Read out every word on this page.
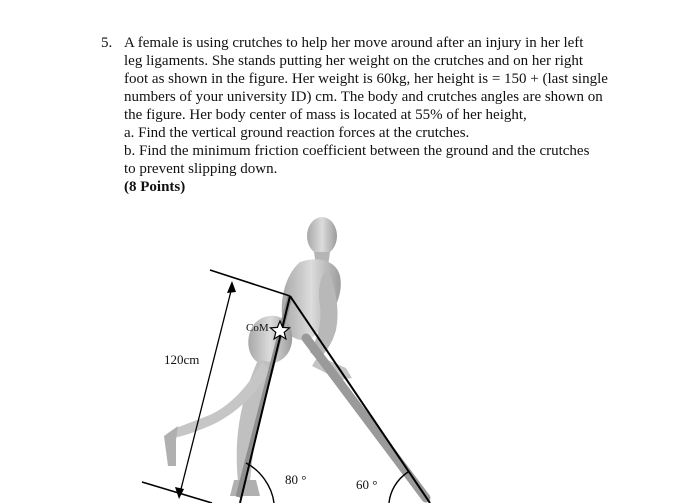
5. A female is using crutches to help her move around after an injury in her left
leg ligaments. She stands putting her weight on the crutches and on her right
foot as shown in the figure. Her weight is 60kg, her height is = 150 + (last single
numbers of your university ID) cm. The body and crutches angles are shown on
the figure. Her body center of mass is located at 55% of her height,
a. Find the vertical ground reaction forces at the crutches.
b. Find the minimum friction coefficient between the ground and the crutches
to prevent slipping down.
(8 Points)
120cm
CoM
80 °	60 °
